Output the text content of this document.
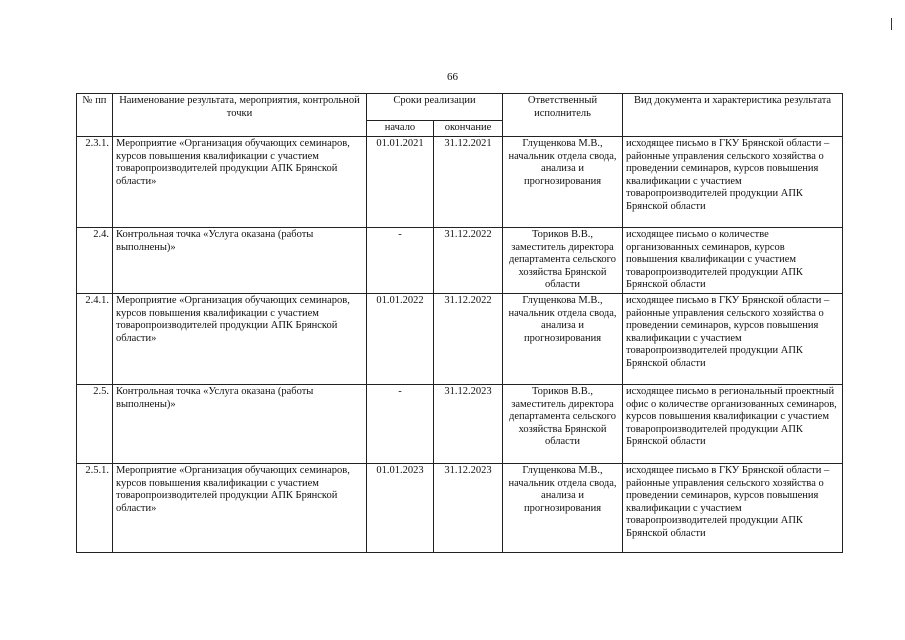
66
№ пп	Наименование результата, мероприятия, контрольной точки	Сроки реализации		Ответственный исполнитель	Вид документа и характеристика результата
		начало	окончание		
2.3.1.	Мероприятие «Организация обучающих семинаров, курсов повышения квалификации с участием товаропроизводителей продукции АПК Брянской области»	01.01.2021	31.12.2021	Глущенкова М.В., начальник отдела свода, анализа и прогнозирования	исходящее письмо в ГКУ Брянской области – районные управления сельского хозяйства о проведении семинаров, курсов повышения квалификации с участием товаропроизводителей продукции АПК Брянской области
2.4.	Контрольная точка «Услуга оказана (работы выполнены)»	-	31.12.2022	Ториков В.В., заместитель директора департамента сельского хозяйства Брянской области	исходящее письмо о количестве организованных семинаров, курсов повышения квалификации с участием товаропроизводителей продукции АПК Брянской области
2.4.1.	Мероприятие «Организация обучающих семинаров, курсов повышения квалификации с участием товаропроизводителей продукции АПК Брянской области»	01.01.2022	31.12.2022	Глущенкова М.В., начальник отдела свода, анализа и прогнозирования	исходящее письмо в ГКУ Брянской области – районные управления сельского хозяйства о проведении семинаров, курсов повышения квалификации с участием товаропроизводителей продукции АПК Брянской области
2.5.	Контрольная точка «Услуга оказана (работы выполнены)»	-	31.12.2023	Ториков В.В., заместитель директора департамента сельского хозяйства Брянской области	исходящее письмо в региональный проектный офис о количестве организованных семинаров, курсов повышения квалификации с участием товаропроизводителей продукции АПК Брянской области
2.5.1.	Мероприятие «Организация обучающих семинаров, курсов повышения квалификации с участием товаропроизводителей продукции АПК Брянской области»	01.01.2023	31.12.2023	Глущенкова М.В., начальник отдела свода, анализа и прогнозирования	исходящее письмо в ГКУ Брянской области – районные управления сельского хозяйства о проведении семинаров, курсов повышения квалификации с участием товаропроизводителей продукции АПК Брянской области
